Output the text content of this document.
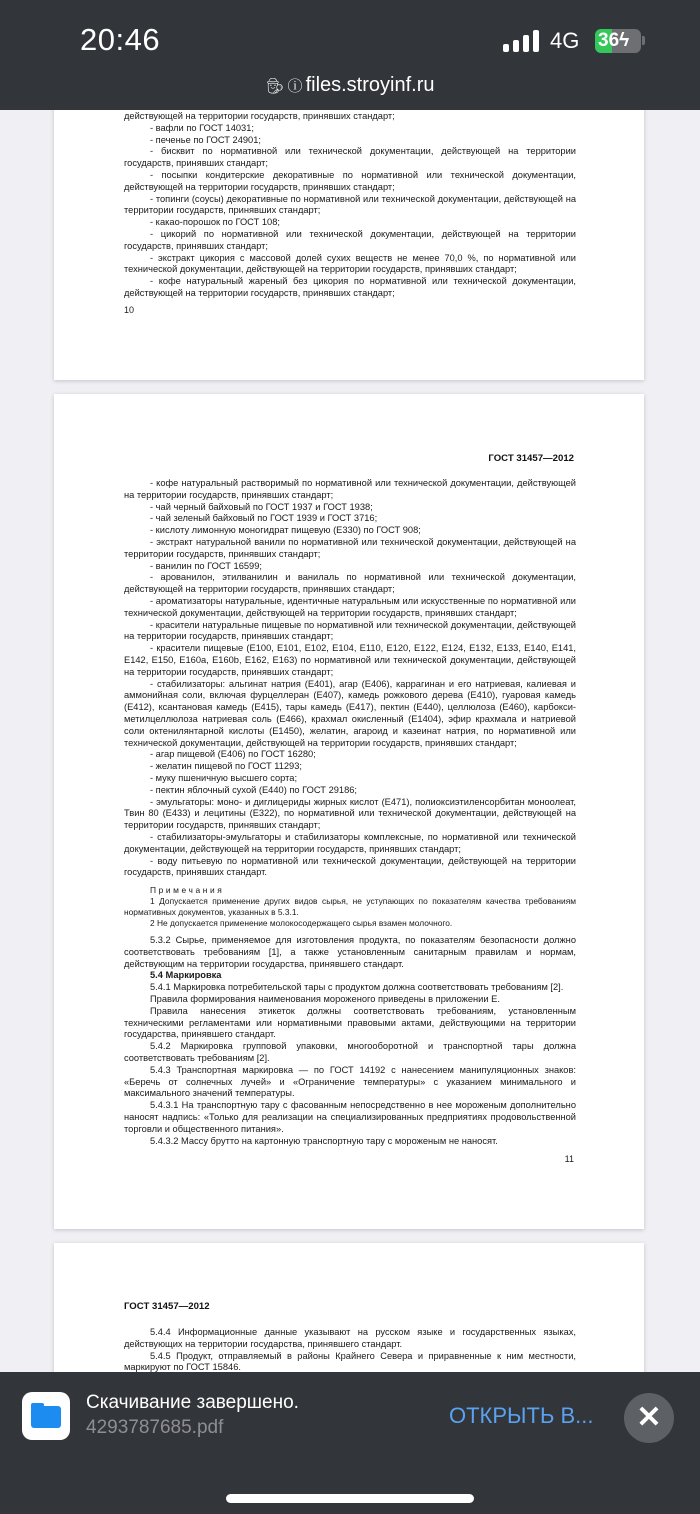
20:46	4G 36ϟ
🕵︎ ⓘ files.stroyinf.ru

действующей на территории государств, принявших стандарт;

- вафли по ГОСТ 14031;

- печенье по ГОСТ 24901;

- бисквит по нормативной или технической документации, действующей на территории государств, принявших стандарт;

- посыпки кондитерские декоративные по нормативной или технической документации, действующей на территории государств, принявших стандарт;

- топинги (соусы) декоративные по нормативной или технической документации, действующей на территории государств, принявших стандарт;

- какао-порошок по ГОСТ 108;

- цикорий по нормативной или технической документации, действующей на территории государств, принявших стандарт;

- экстракт цикория с массовой долей сухих веществ не менее 70,0 %, по нормативной или технической документации, действующей на территории государств, принявших стандарт;

- кофе натуральный жареный без цикория по нормативной или технической документации, действующей на территории государств, принявших стандарт;

10
ГОСТ 31457—2012

- кофе натуральный растворимый по нормативной или технической документации, действующей на территории государств, принявших стандарт;

- чай черный байховый по ГОСТ 1937 и ГОСТ 1938;

- чай зеленый байховый по ГОСТ 1939 и ГОСТ 3716;

- кислоту лимонную моногидрат пищевую (Е330) по ГОСТ 908;

- экстракт натуральной ванили по нормативной или технической документации, действующей на территории государств, принявших стандарт;

- ванилин по ГОСТ 16599;

- арованилон, этилванилин и ванилаль по нормативной или технической документации, действующей на территории государств, принявших стандарт;

- ароматизаторы натуральные, идентичные натуральным или искусственные по нормативной или технической документации, действующей на территории государств, принявших стандарт;

- красители натуральные пищевые по нормативной или технической документации, действующей на территории государств, принявших стандарт;

- красители пищевые (Е100, Е101, Е102, Е104, Е110, Е120, Е122, Е124, Е132, Е133, Е140, Е141, Е142, Е150, Е160а, Е160b, Е162, Е163) по нормативной или технической документации, действующей на территории государств, принявших стандарт;

- стабилизаторы: альгинат натрия (Е401), агар (Е406), каррагинан и его натриевая, калиевая и аммонийная соли, включая фурцеллеран (Е407), камедь рожкового дерева (Е410), гуаровая камедь (Е412), ксантановая камедь (Е415), тары камедь (Е417), пектин (Е440), целлюлоза (Е460), карбокси-метилцеллюлоза натриевая соль (Е466), крахмал окисленный (Е1404), эфир крахмала и натриевой соли октенилянтарной кислоты (Е1450), желатин, агароид и казеинат натрия, по нормативной или технической документации, действующей на территории государств, принявших стандарт;

- агар пищевой (Е406) по ГОСТ 16280;

- желатин пищевой по ГОСТ 11293;

- муку пшеничную высшего сорта;

- пектин яблочный сухой (Е440) по ГОСТ 29186;

- эмульгаторы: моно- и диглицериды жирных кислот (Е471), полиоксиэтиленсорбитан моноолеат, Твин 80 (Е433) и лецитины (Е322), по нормативной или технической документации, действующей на территории государств, принявших стандарт;

- стабилизаторы-эмульгаторы и стабилизаторы комплексные, по нормативной или технической документации, действующей на территории государств, принявших стандарт;

- воду питьевую по нормативной или технической документации, действующей на территории государств, принявших стандарт.

Примечания

1 Допускается применение других видов сырья, не уступающих по показателям качества требованиям нормативных документов, указанных в 5.3.1.

2 Не допускается применение молокосодержащего сырья взамен молочного.

5.3.2 Сырье, применяемое для изготовления продукта, по показателям безопасности должно соответствовать требованиям [1], а также установленным санитарным правилам и нормам, действующим на территории государства, принявшего стандарт.

5.4 Маркировка

5.4.1 Маркировка потребительской тары с продуктом должна соответствовать требованиям [2].

Правила формирования наименования мороженого приведены в приложении Е.

Правила нанесения этикеток должны соответствовать требованиям, установленным техническими регламентами или нормативными правовыми актами, действующими на территории государства, принявшего стандарт.

5.4.2 Маркировка групповой упаковки, многооборотной и транспортной тары должна соответствовать требованиям [2].

5.4.3 Транспортная маркировка — по ГОСТ 14192 с нанесением манипуляционных знаков: «Беречь от солнечных лучей» и «Ограничение температуры» с указанием минимального и максимального значений температуры.

5.4.3.1 На транспортную тару с фасованным непосредственно в нее мороженым дополнительно наносят надпись: «Только для реализации на специализированных предприятиях продовольственной торговли и общественного питания».

5.4.3.2 Массу брутто на картонную транспортную тару с мороженым не наносят.

11
ГОСТ 31457—2012

5.4.4 Информационные данные указывают на русском языке и государственных языках, действующих на территории государства, принявшего стандарт.

5.4.5 Продукт, отправляемый в районы Крайнего Севера и приравненные к ним местности, маркируют по ГОСТ 15846.

Скачивание завершено.
4293787685.pdf	ОТКРЫТЬ В...	✕
